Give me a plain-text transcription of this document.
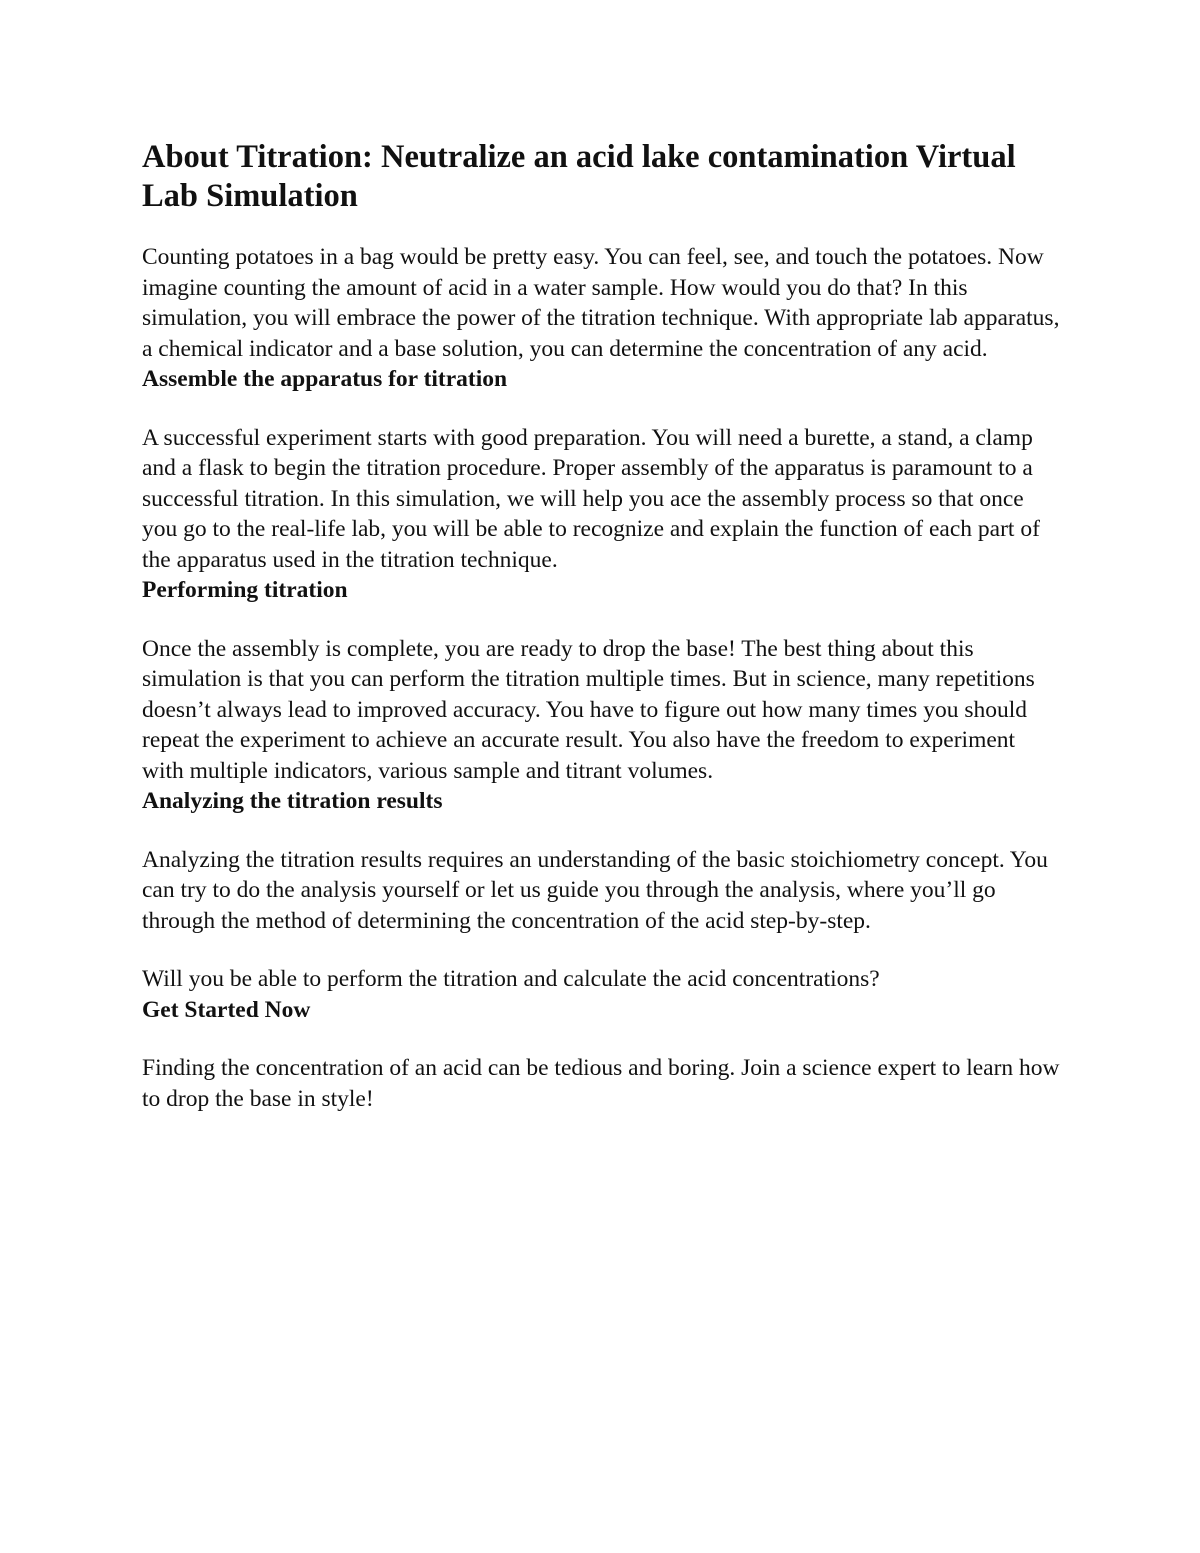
About Titration: Neutralize an acid lake contamination Virtual Lab Simulation

Counting potatoes in a bag would be pretty easy. You can feel, see, and touch the potatoes. Now imagine counting the amount of acid in a water sample. How would you do that? In this simulation, you will embrace the power of the titration technique. With appropriate lab apparatus, a chemical indicator and a base solution, you can determine the concentration of any acid.

Assemble the apparatus for titration

A successful experiment starts with good preparation. You will need a burette, a stand, a clamp and a flask to begin the titration procedure. Proper assembly of the apparatus is paramount to a successful titration. In this simulation, we will help you ace the assembly process so that once you go to the real-life lab, you will be able to recognize and explain the function of each part of the apparatus used in the titration technique.

Performing titration

Once the assembly is complete, you are ready to drop the base! The best thing about this simulation is that you can perform the titration multiple times. But in science, many repetitions doesn’t always lead to improved accuracy. You have to figure out how many times you should repeat the experiment to achieve an accurate result. You also have the freedom to experiment with multiple indicators, various sample and titrant volumes.

Analyzing the titration results

Analyzing the titration results requires an understanding of the basic stoichiometry concept. You can try to do the analysis yourself or let us guide you through the analysis, where you’ll go through the method of determining the concentration of the acid step-by-step.

Will you be able to perform the titration and calculate the acid concentrations?

Get Started Now

Finding the concentration of an acid can be tedious and boring. Join a science expert to learn how to drop the base in style!
